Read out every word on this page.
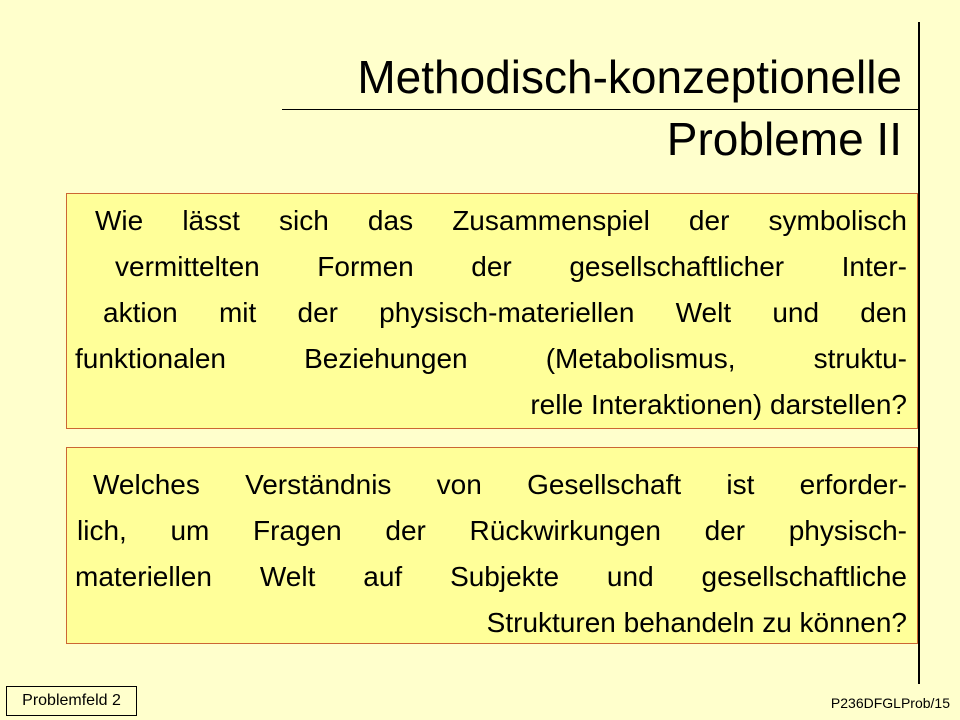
Methodisch-konzeptionelle
Probleme II
Wie lässt sich das Zusammenspiel der symbolisch
vermittelten Formen der gesellschaftlicher Inter-
aktion mit der physisch-materiellen Welt und den
funktionalen Beziehungen (Metabolismus, struktu-
relle Interaktionen) darstellen?
Welches Verständnis von Gesellschaft ist erforder-
lich, um Fragen der Rückwirkungen der physisch-
materiellen Welt auf Subjekte und gesellschaftliche
Strukturen behandeln zu können?
Problemfeld 2	P236DFGLProb/15
